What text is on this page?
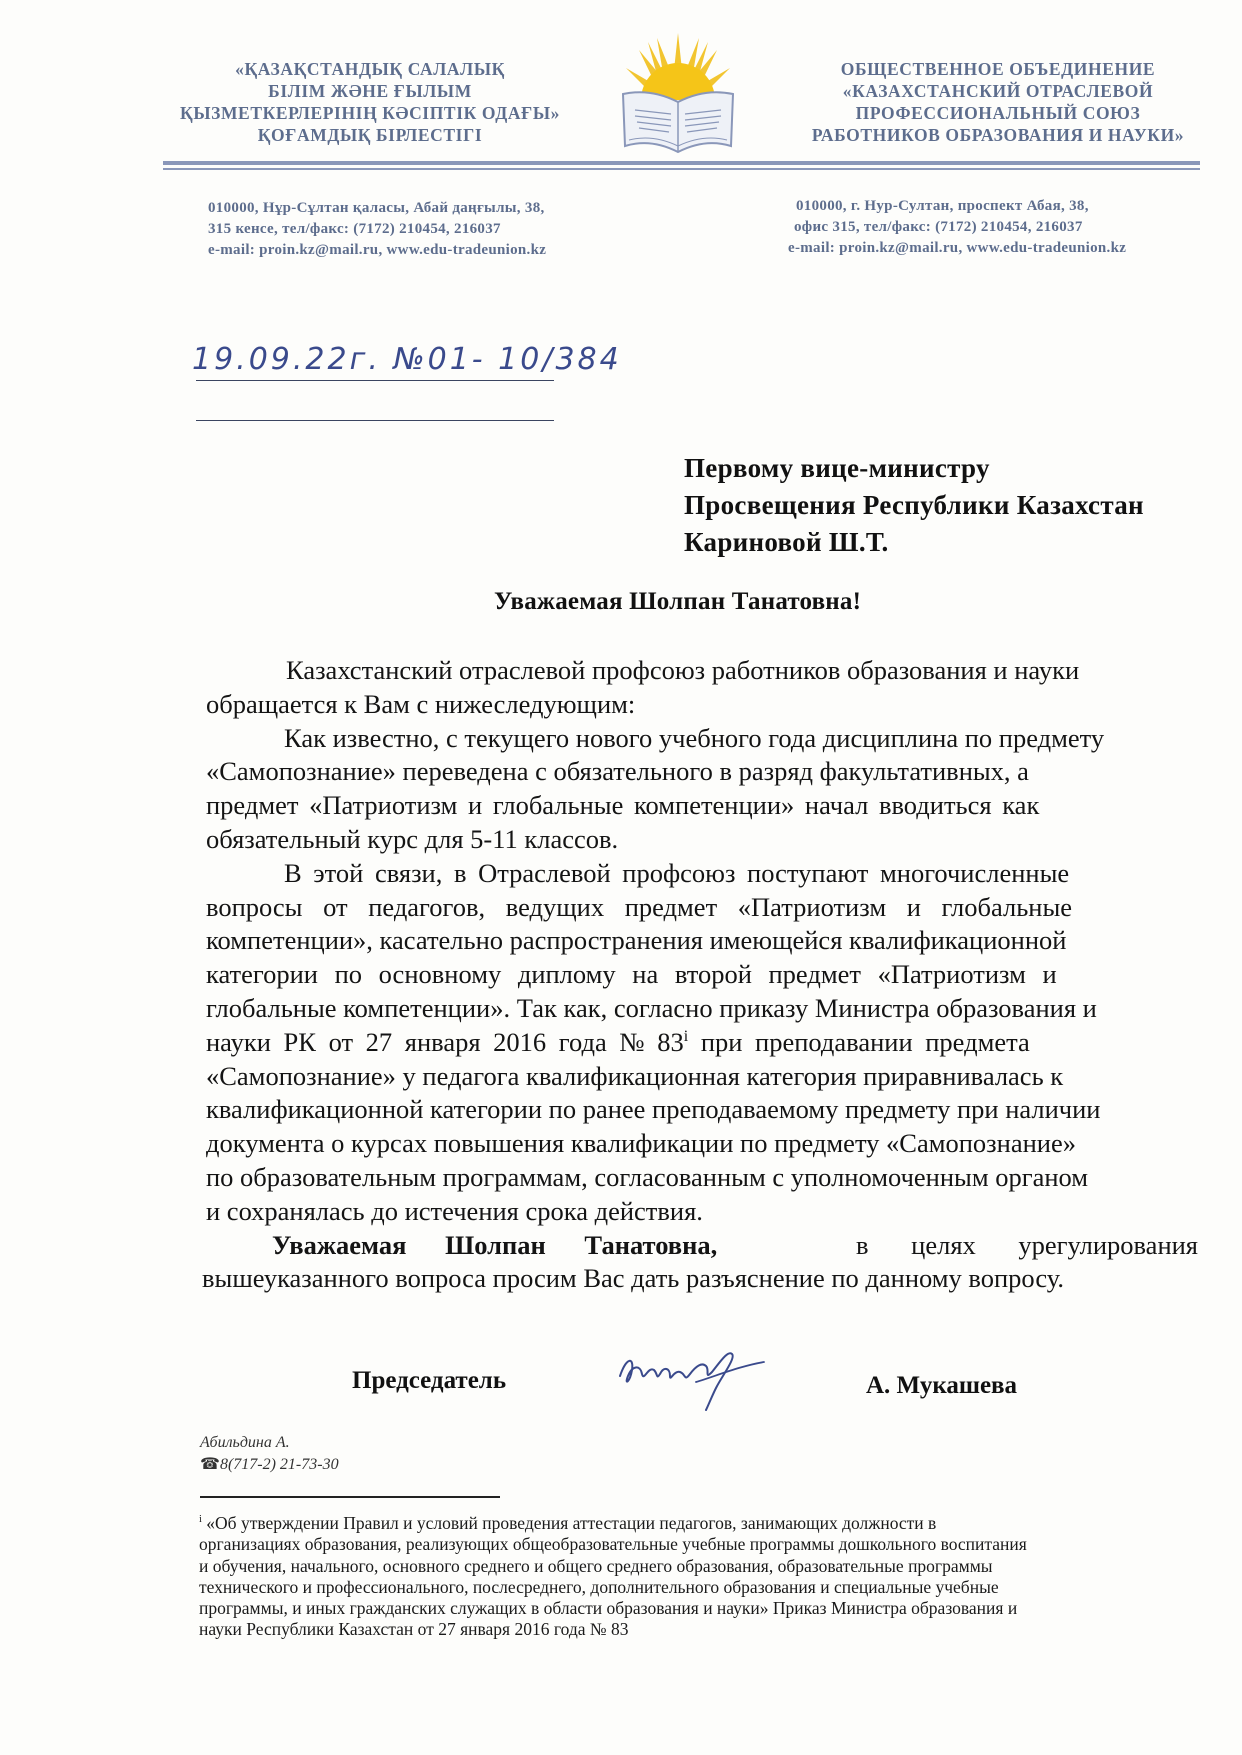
«ҚАЗАҚСТАНДЫҚ САЛАЛЫҚ
БІЛІМ ЖӘНЕ ҒЫЛЫМ
ҚЫЗМЕТКЕРЛЕРІНІҢ КӘСІПТІК ОДАҒЫ»
ҚОҒАМДЫҚ БІРЛЕСТІГІ
ОБЩЕСТВЕННОЕ ОБЪЕДИНЕНИЕ
«КАЗАХСТАНСКИЙ ОТРАСЛЕВОЙ
ПРОФЕССИОНАЛЬНЫЙ СОЮЗ
РАБОТНИКОВ ОБРАЗОВАНИЯ И НАУКИ»
010000, Нұр-Сұлтан қаласы, Абай даңғылы, 38,
315 кенсе, тел/факс: (7172) 210454, 216037
e-mail: proin.kz@mail.ru, www.edu-tradeunion.kz
010000, г. Нур-Султан, проспект Абая, 38,
офис 315, тел/факс: (7172) 210454, 216037
e-mail: proin.kz@mail.ru, www.edu-tradeunion.kz
19.09.22г. №01- 10/384
Первому вице-министру
Просвещения Республики Казахстан
Кариновой Ш.Т.
Уважаемая Шолпан Танатовна!
Казахстанский отраслевой профсоюз работников образования и науки
обращается к Вам с нижеследующим:
Как известно, с текущего нового учебного года дисциплина по предмету
«Самопознание» переведена с обязательного в разряд факультативных, а
предмет «Патриотизм и глобальные компетенции» начал вводиться как
обязательный курс для 5-11 классов.
В этой связи, в Отраслевой профсоюз поступают многочисленные
вопросы от педагогов, ведущих предмет «Патриотизм и глобальные
компетенции», касательно распространения имеющейся квалификационной
категории по основному диплому на второй предмет «Патриотизм и
глобальные компетенции». Так как, согласно приказу Министра образования и
науки РК от 27 января 2016 года № 83$^i$ при преподавании предмета
«Самопознание» у педагога квалификационная категория приравнивалась к
квалификационной категории по ранее преподаваемому предмету при наличии
документа о курсах повышения квалификации по предмету «Самопознание»
по образовательным программам, согласованным с уполномоченным органом
и сохранялась до истечения срока действия.
Уважаемая Шолпан Танатовна,	в целях урегулирования
вышеуказанного вопроса просим Вас дать разъяснение по данному вопросу.
Председатель	А. Мукашева
Абильдина А.
☎8(717-2) 21-73-30
$^i$ «Об утверждении Правил и условий проведения аттестации педагогов, занимающих должности в
организациях образования, реализующих общеобразовательные учебные программы дошкольного воспитания
и обучения, начального, основного среднего и общего среднего образования, образовательные программы
технического и профессионального, послесреднего, дополнительного образования и специальные учебные
программы, и иных гражданских служащих в области образования и науки» Приказ Министра образования и
науки Республики Казахстан от 27 января 2016 года № 83
